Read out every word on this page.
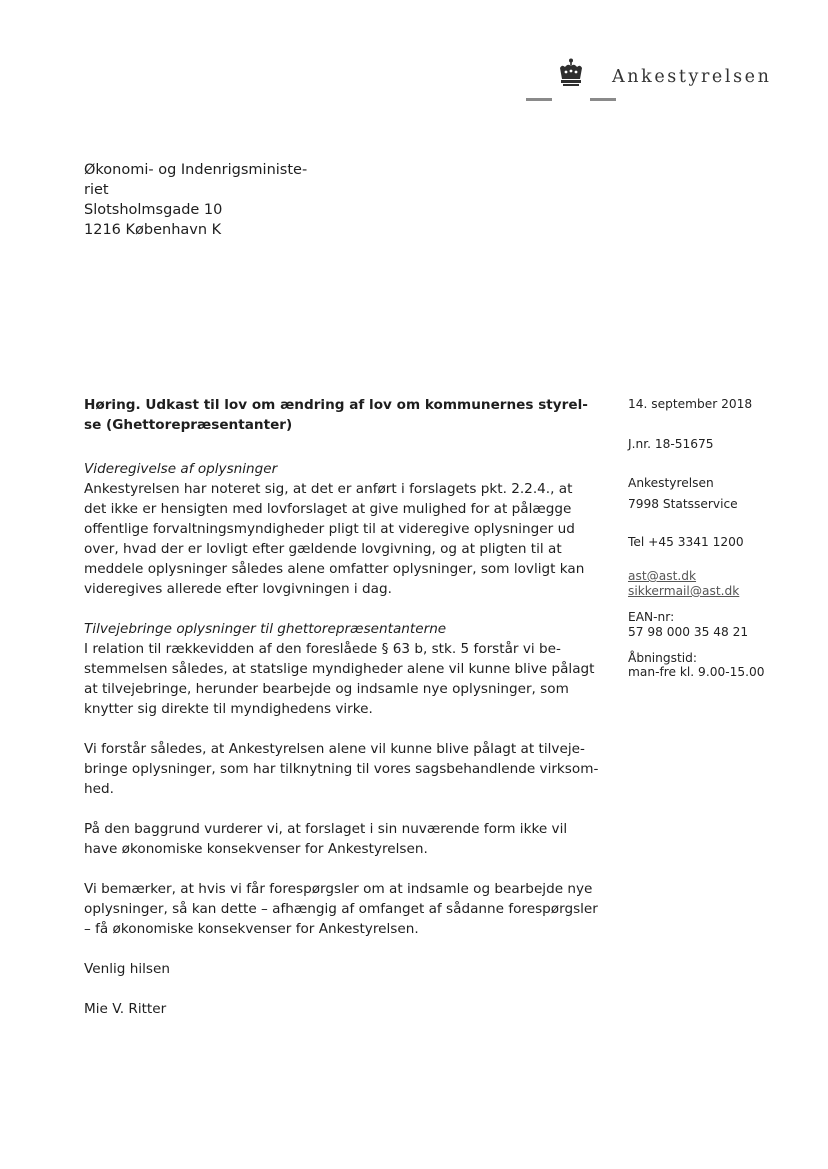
Ankestyrelsen
Økonomi- og Indenrigsministe-
riet
Slotsholmsgade 10
1216 København K
Høring. Udkast til lov om ændring af lov om kommunernes styrel-
se (Ghettorepræsentanter)
Videregivelse af oplysninger
Ankestyrelsen har noteret sig, at det er anført i forslagets pkt. 2.2.4., at
det ikke er hensigten med lovforslaget at give mulighed for at pålægge
offentlige forvaltningsmyndigheder pligt til at videregive oplysninger ud
over, hvad der er lovligt efter gældende lovgivning, og at pligten til at
meddele oplysninger således alene omfatter oplysninger, som lovligt kan
videregives allerede efter lovgivningen i dag.
Tilvejebringe oplysninger til ghettorepræsentanterne
I relation til rækkevidden af den foreslåede § 63 b, stk. 5 forstår vi be-
stemmelsen således, at statslige myndigheder alene vil kunne blive pålagt
at tilvejebringe, herunder bearbejde og indsamle nye oplysninger, som
knytter sig direkte til myndighedens virke.
Vi forstår således, at Ankestyrelsen alene vil kunne blive pålagt at tilveje-
bringe oplysninger, som har tilknytning til vores sagsbehandlende virksom-
hed.
På den baggrund vurderer vi, at forslaget i sin nuværende form ikke vil
have økonomiske konsekvenser for Ankestyrelsen.
Vi bemærker, at hvis vi får forespørgsler om at indsamle og bearbejde nye
oplysninger, så kan dette – afhængig af omfanget af sådanne forespørgsler
– få økonomiske konsekvenser for Ankestyrelsen.
Venlig hilsen
Mie V. Ritter
14. september 2018
J.nr. 18-51675
Ankestyrelsen
7998 Statsservice
Tel +45 3341 1200
ast@ast.dk
sikkermail@ast.dk
EAN-nr:
57 98 000 35 48 21
Åbningstid:
man-fre kl. 9.00-15.00
